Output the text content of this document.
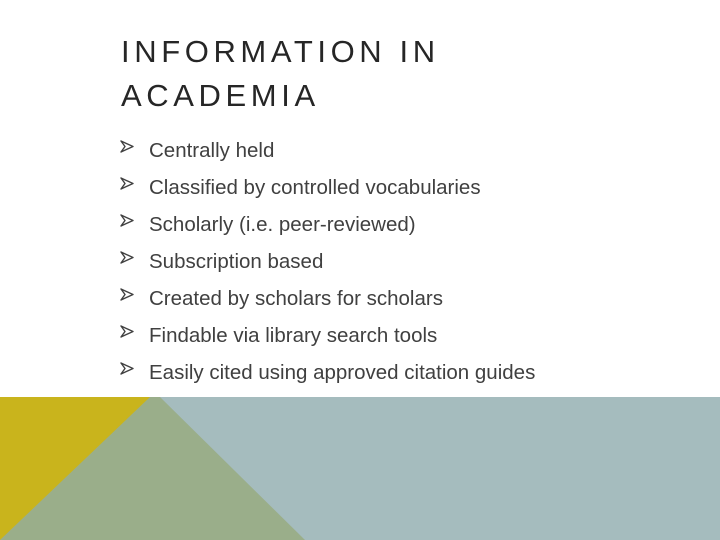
INFORMATION IN
ACADEMIA
Centrally held
Classified by controlled vocabularies
Scholarly (i.e. peer-reviewed)
Subscription based
Created by scholars for scholars
Findable via library search tools
Easily cited using approved citation guides
